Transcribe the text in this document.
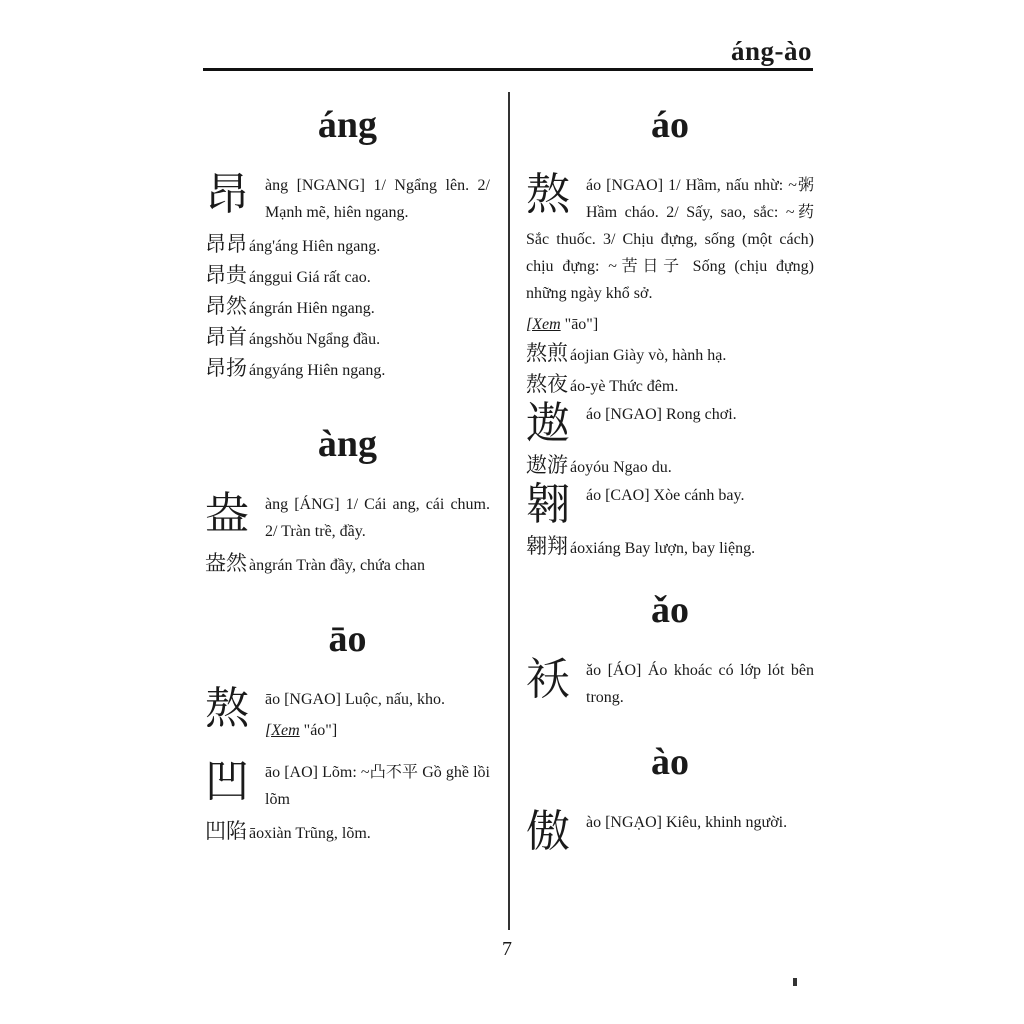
áng-ào
áng
昂	àng [NGANG] 1/ Ngẩng lên. 2/ Mạnh mẽ, hiên ngang.
昂昂 áng'áng Hiên ngang.
昂贵 ánggui Giá rất cao.
昂然 ángrán Hiên ngang.
昂首 ángshǒu Ngẩng đầu.
昂扬 ángyáng Hiên ngang.
àng
盎	àng [ÁNG] 1/ Cái ang, cái chum. 2/ Tràn trề, đầy.
盎然 àngrán Tràn đầy, chứa chan
āo
熬	āo [NGAO] Luộc, nấu, kho.
[Xem "áo"]
凹	āo [AO] Lõm: ~凸不平 Gồ ghề lồi lõm
凹陷 āoxiàn Trũng, lõm.
áo
熬	áo [NGAO] 1/ Hầm, nấu nhừ: ~粥 Hầm cháo. 2/ Sấy, sao, sắc: ~药 Sắc thuốc. 3/ Chịu đựng, sống (một cách) chịu đựng: ~苦日子 Sống (chịu đựng) những ngày khổ sở.
[Xem "āo"]
熬煎 áojian Giày vò, hành hạ.
熬夜 áo-yè Thức đêm.
遨	áo [NGAO] Rong chơi.
遨游 áoyóu Ngao du.
翱	áo [CAO] Xòe cánh bay.
翱翔 áoxiáng Bay lượn, bay liệng.
ǎo
袄	ǎo [ÁO] Áo khoác có lớp lót bên trong.
ào
傲	ào [NGẠO] Kiêu, khinh người.
7
